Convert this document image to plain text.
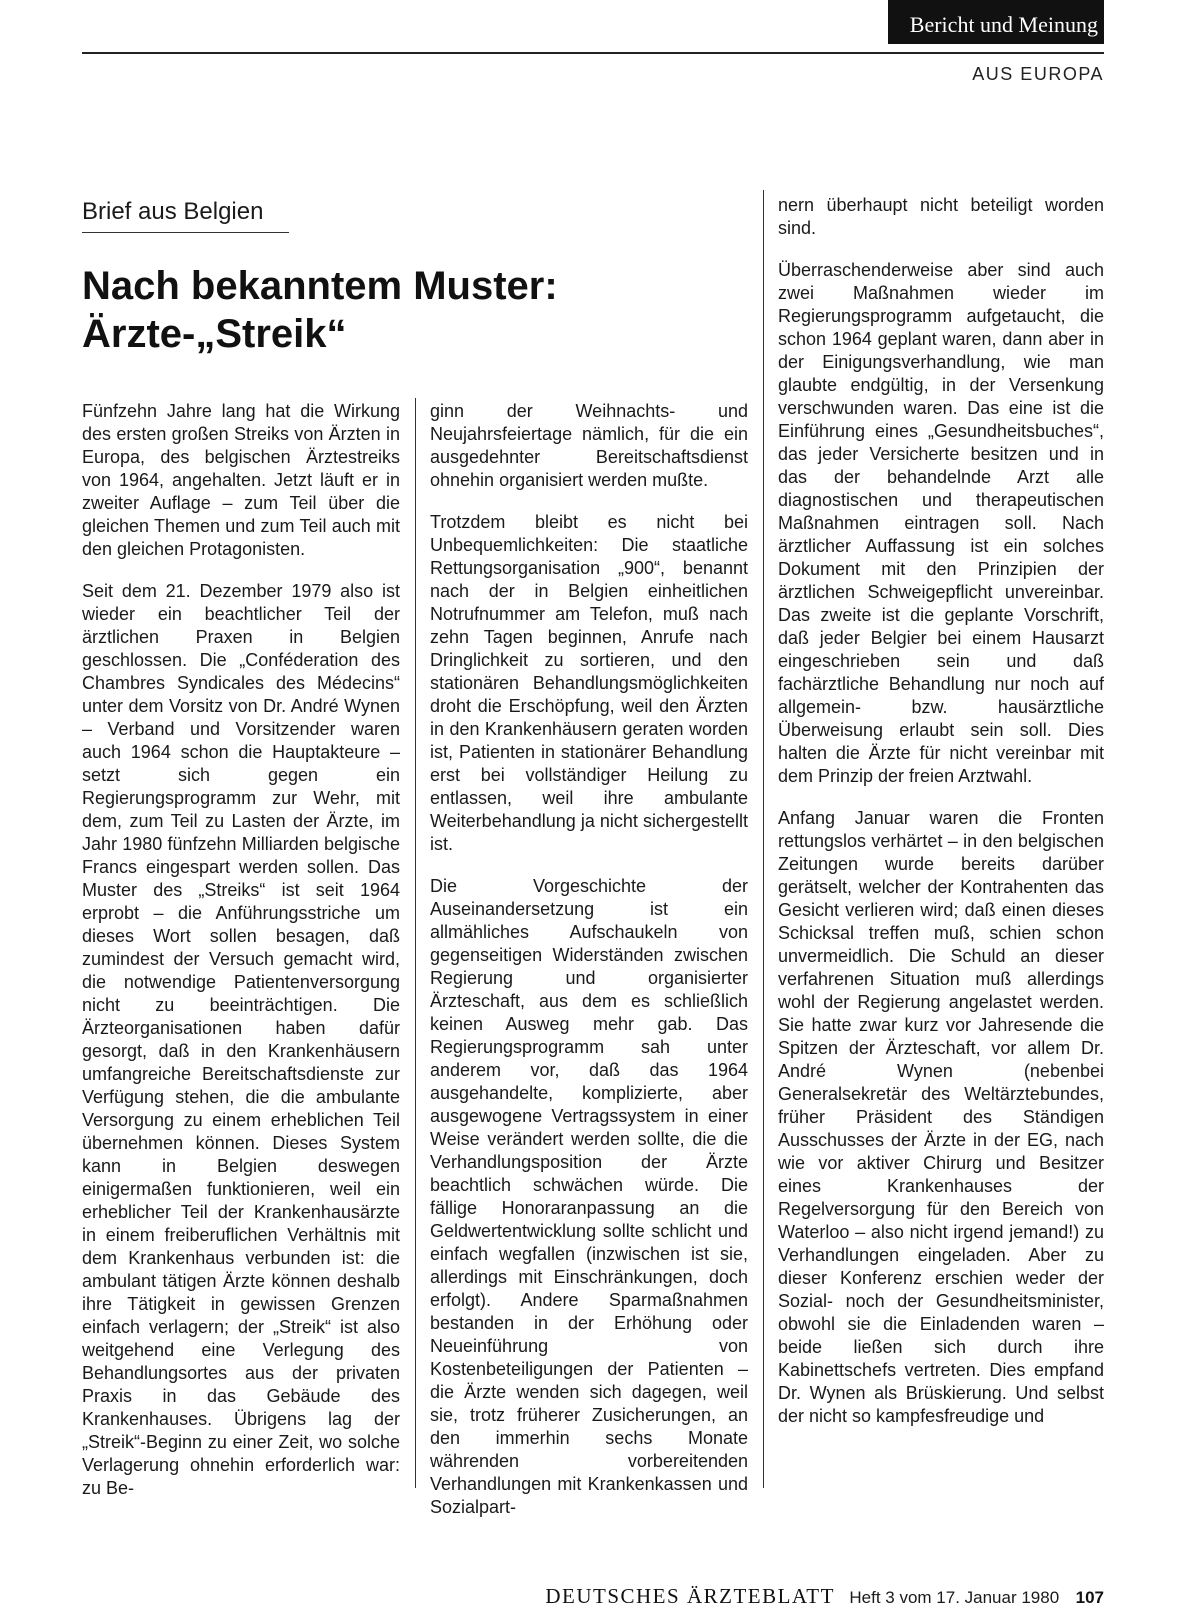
Bericht und Meinung
AUS EUROPA
Brief aus Belgien
Nach bekanntem Muster:
Ärzte-„Streik“

Fünfzehn Jahre lang hat die Wirkung des ersten großen Streiks von Ärzten in Europa, des belgischen Ärztestreiks von 1964, angehalten. Jetzt läuft er in zweiter Auflage – zum Teil über die gleichen Themen und zum Teil auch mit den gleichen Protagonisten.

Seit dem 21. Dezember 1979 also ist wieder ein beachtlicher Teil der ärztlichen Praxen in Belgien geschlossen. Die „Conféderation des Chambres Syndicales des Médecins“ unter dem Vorsitz von Dr. André Wynen – Verband und Vorsitzender waren auch 1964 schon die Hauptakteure – setzt sich gegen ein Regierungsprogramm zur Wehr, mit dem, zum Teil zu Lasten der Ärzte, im Jahr 1980 fünfzehn Milliarden belgische Francs eingespart werden sollen. Das Muster des „Streiks“ ist seit 1964 erprobt – die Anführungsstriche um dieses Wort sollen besagen, daß zumindest der Versuch gemacht wird, die notwendige Patientenversorgung nicht zu beeinträchtigen. Die Ärzteorganisationen haben dafür gesorgt, daß in den Krankenhäusern umfangreiche Bereitschaftsdienste zur Verfügung stehen, die die ambulante Versorgung zu einem erheblichen Teil übernehmen können. Dieses System kann in Belgien deswegen einigermaßen funktionieren, weil ein erheblicher Teil der Krankenhausärzte in einem freiberuflichen Verhältnis mit dem Krankenhaus verbunden ist: die ambulant tätigen Ärzte können deshalb ihre Tätigkeit in gewissen Grenzen einfach verlagern; der „Streik“ ist also weitgehend eine Verlegung des Behandlungsortes aus der privaten Praxis in das Gebäude des Krankenhauses. Übrigens lag der „Streik“-Beginn zu einer Zeit, wo solche Verlagerung ohnehin erforderlich war: zu Be-

ginn der Weihnachts- und Neujahrsfeiertage nämlich, für die ein ausgedehnter Bereitschaftsdienst ohnehin organisiert werden mußte.

Trotzdem bleibt es nicht bei Unbequemlichkeiten: Die staatliche Rettungsorganisation „900“, benannt nach der in Belgien einheitlichen Notrufnummer am Telefon, muß nach zehn Tagen beginnen, Anrufe nach Dringlichkeit zu sortieren, und den stationären Behandlungsmöglichkeiten droht die Erschöpfung, weil den Ärzten in den Krankenhäusern geraten worden ist, Patienten in stationärer Behandlung erst bei vollständiger Heilung zu entlassen, weil ihre ambulante Weiterbehandlung ja nicht sichergestellt ist.

Die Vorgeschichte der Auseinandersetzung ist ein allmähliches Aufschaukeln von gegenseitigen Widerständen zwischen Regierung und organisierter Ärzteschaft, aus dem es schließlich keinen Ausweg mehr gab. Das Regierungsprogramm sah unter anderem vor, daß das 1964 ausgehandelte, komplizierte, aber ausgewogene Vertragssystem in einer Weise verändert werden sollte, die die Verhandlungsposition der Ärzte beachtlich schwächen würde. Die fällige Honoraranpassung an die Geldwertentwicklung sollte schlicht und einfach wegfallen (inzwischen ist sie, allerdings mit Einschränkungen, doch erfolgt). Andere Sparmaßnahmen bestanden in der Erhöhung oder Neueinführung von Kostenbeteiligungen der Patienten – die Ärzte wenden sich dagegen, weil sie, trotz früherer Zusicherungen, an den immerhin sechs Monate währenden vorbereitenden Verhandlungen mit Krankenkassen und Sozialpart-

nern überhaupt nicht beteiligt worden sind.

Überraschenderweise aber sind auch zwei Maßnahmen wieder im Regierungsprogramm aufgetaucht, die schon 1964 geplant waren, dann aber in der Einigungsverhandlung, wie man glaubte endgültig, in der Versenkung verschwunden waren. Das eine ist die Einführung eines „Gesundheitsbuches“, das jeder Versicherte besitzen und in das der behandelnde Arzt alle diagnostischen und therapeutischen Maßnahmen eintragen soll. Nach ärztlicher Auffassung ist ein solches Dokument mit den Prinzipien der ärztlichen Schweigepflicht unvereinbar. Das zweite ist die geplante Vorschrift, daß jeder Belgier bei einem Hausarzt eingeschrieben sein und daß fachärztliche Behandlung nur noch auf allgemein- bzw. hausärztliche Überweisung erlaubt sein soll. Dies halten die Ärzte für nicht vereinbar mit dem Prinzip der freien Arztwahl.

Anfang Januar waren die Fronten rettungslos verhärtet – in den belgischen Zeitungen wurde bereits darüber gerätselt, welcher der Kontrahenten das Gesicht verlieren wird; daß einen dieses Schicksal treffen muß, schien schon unvermeidlich. Die Schuld an dieser verfahrenen Situation muß allerdings wohl der Regierung angelastet werden. Sie hatte zwar kurz vor Jahresende die Spitzen der Ärzteschaft, vor allem Dr. André Wynen (nebenbei Generalsekretär des Weltärztebundes, früher Präsident des Ständigen Ausschusses der Ärzte in der EG, nach wie vor aktiver Chirurg und Besitzer eines Krankenhauses der Regelversorgung für den Bereich von Waterloo – also nicht irgend jemand!) zu Verhandlungen eingeladen. Aber zu dieser Konferenz erschien weder der Sozial- noch der Gesundheitsminister, obwohl sie die Einladenden waren – beide ließen sich durch ihre Kabinettschefs vertreten. Dies empfand Dr. Wynen als Brüskierung. Und selbst der nicht so kampfesfreudige und

DEUTSCHES ÄRZTEBLATT Heft 3 vom 17. Januar 1980 107
